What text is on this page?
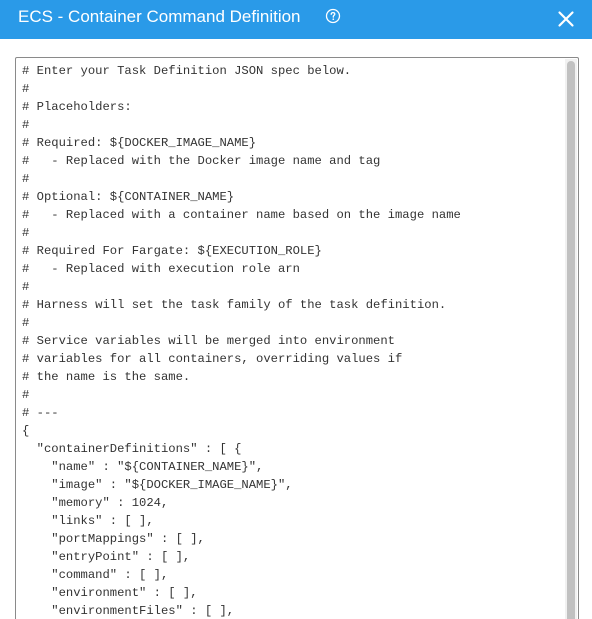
ECS - Container Command Definition
# Enter your Task Definition JSON spec below.
#
# Placeholders:
#
# Required: ${DOCKER_IMAGE_NAME}
#   - Replaced with the Docker image name and tag
#
# Optional: ${CONTAINER_NAME}
#   - Replaced with a container name based on the image name
#
# Required For Fargate: ${EXECUTION_ROLE}
#   - Replaced with execution role arn
#
# Harness will set the task family of the task definition.
#
# Service variables will be merged into environment
# variables for all containers, overriding values if
# the name is the same.
#
# ---
{
"containerDefinitions" : [ {
"name" : "${CONTAINER_NAME}",
"image" : "${DOCKER_IMAGE_NAME}",
"memory" : 1024,
"links" : [ ],
"portMappings" : [ ],
"entryPoint" : [ ],
"command" : [ ],
"environment" : [ ],
"environmentFiles" : [ ],
